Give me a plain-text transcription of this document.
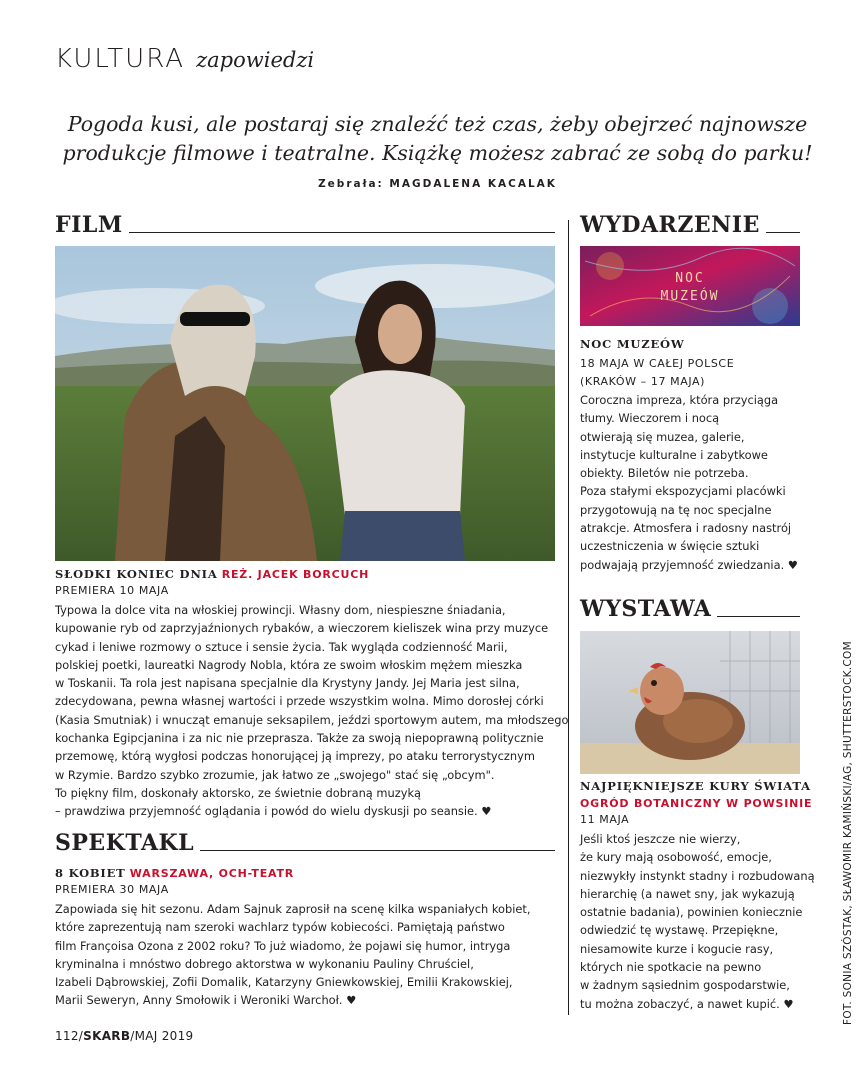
KULTURA zapowiedzi
Pogoda kusi, ale postaraj się znaleźć też czas, żeby obejrzeć najnowsze
produkcje filmowe i teatralne. Książkę możesz zabrać ze sobą do parku!
Zebrała: MAGDALENA KACALAK
FILM
SŁODKI KONIEC DNIA REŻ. JACEK BORCUCH
PREMIERA 10 MAJA
Typowa la dolce vita na włoskiej prowincji. Własny dom, niespieszne śniadania,
kupowanie ryb od zaprzyjaźnionych rybaków, a wieczorem kieliszek wina przy muzyce
cykad i leniwe rozmowy o sztuce i sensie życia. Tak wygląda codzienność Marii,
polskiej poetki, laureatki Nagrody Nobla, która ze swoim włoskim mężem mieszka
w Toskanii. Ta rola jest napisana specjalnie dla Krystyny Jandy. Jej Maria jest silna,
zdecydowana, pewna własnej wartości i przede wszystkim wolna. Mimo dorosłej córki
(Kasia Smutniak) i wnucząt emanuje seksapilem, jeździ sportowym autem, ma młodszego
kochanka Egipcjanina i za nic nie przeprasza. Także za swoją niepoprawną politycznie
przemowę, którą wygłosi podczas honorującej ją imprezy, po ataku terrorystycznym
w Rzymie. Bardzo szybko zrozumie, jak łatwo ze „swojego" stać się „obcym".
To piękny film, doskonały aktorsko, ze świetnie dobraną muzyką
– prawdziwa przyjemność oglądania i powód do wielu dyskusji po seansie. ♥
SPEKTAKL
8 KOBIET WARSZAWA, OCH-TEATR
PREMIERA 30 MAJA
Zapowiada się hit sezonu. Adam Sajnuk zaprosił na scenę kilka wspaniałych kobiet,
które zaprezentują nam szeroki wachlarz typów kobiecości. Pamiętają państwo
film Françoisa Ozona z 2002 roku? To już wiadomo, że pojawi się humor, intryga
kryminalna i mnóstwo dobrego aktorstwa w wykonaniu Pauliny Chruściel,
Izabeli Dąbrowskiej, Zofii Domalik, Katarzyny Gniewkowskiej, Emilii Krakowskiej,
Marii Seweryn, Anny Smołowik i Weroniki Warchoł. ♥
WYDARZENIE
NOC
MUZEÓW
NOC MUZEÓW
18 MAJA W CAŁEJ POLSCE
(KRAKÓW – 17 MAJA)
Coroczna impreza, która przyciąga
tłumy. Wieczorem i nocą
otwierają się muzea, galerie,
instytucje kulturalne i zabytkowe
obiekty. Biletów nie potrzeba.
Poza stałymi ekspozycjami placówki
przygotowują na tę noc specjalne
atrakcje. Atmosfera i radosny nastrój
uczestniczenia w święcie sztuki
podwajają przyjemność zwiedzania. ♥
WYSTAWA
NAJPIĘKNIEJSZE KURY ŚWIATA
OGRÓD BOTANICZNY W POWSINIE
11 MAJA
Jeśli ktoś jeszcze nie wierzy,
że kury mają osobowość, emocje,
niezwykły instynkt stadny i rozbudowaną
hierarchię (a nawet sny, jak wykazują
ostatnie badania), powinien koniecznie
odwiedzić tę wystawę. Przepiękne,
niesamowite kurze i kogucie rasy,
których nie spotkacie na pewno
w żadnym sąsiednim gospodarstwie,
tu można zobaczyć, a nawet kupić. ♥	FOT. SONIA SZÓSTAK, SŁAWOMIR KAMIŃSKI/AG, SHUTTERSTOCK.COM
112/SKARB/MAJ 2019
